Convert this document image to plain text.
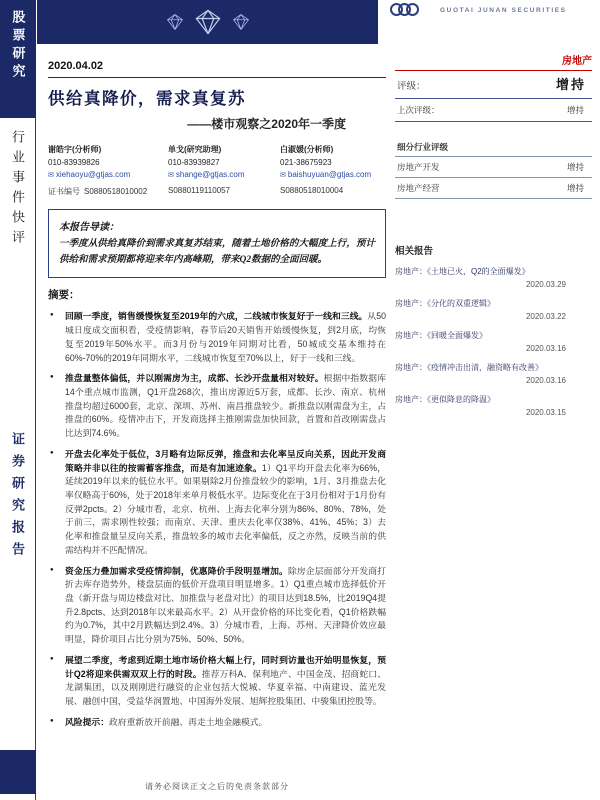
股票研究
行业事件快评
证券研究报告
GUOTAI JUNAN SECURITIES
房地产
评级：	增持
上次评级：	增持
细分行业评级
房地产开发	增持
房地产经营	增持
相关报告
房地产：《土地已火，Q2的全面爆发》
2020.03.29
房地产：《分化的双重逻辑》
2020.03.22
房地产：《回暖全面爆发》
2020.03.16
房地产：《疫情冲击出清，融资略有改善》
2020.03.16
房地产：《更似降息的降温》
2020.03.15
2020.04.02
供给真降价，需求真复苏
——楼市观察之2020年一季度
谢皓宇(分析师)	单戈(研究助理)	白淑媛(分析师)
010-83939826	010-83939827	021-38675923
✉ xiehaoyu@gtjas.com	✉ shange@gtjas.com	✉ baishuyuan@gtjas.com
证书编号 S0880518010002	S0880119110057	S0880518010004
本报告导读：
一季度从供给真降价到需求真复苏结束，随着土地价格的大幅度上行，预计供给和需求预期都将迎来年内高峰期，带来Q2数据的全面回暖。
摘要：
● 回顾一季度，销售缓慢恢复至2019年的六成，二线城市恢复好于一线和三线。从50城日度成交面积看，受疫情影响，春节后20天销售开始缓慢恢复，到2月底，均恢复至2019年50%水平。而3月份与2019年同期对比看，50城成交基本维持在60%-70%的2019年同期水平，二线城市恢复至70%以上，好于一线和三线。
● 推盘量整体偏低，并以刚需房为主，成都、长沙开盘量相对较好。根据中指数据库14个重点城市监测，Q1开盘268次，推出房源近5万套，成都、长沙、南京、杭州推盘均超过6000套，北京、深圳、苏州、南昌推盘较少。新推盘以刚需盘为主，占推盘的60%。疫情冲击下，开发商选择主推刚需盘加快回款，首置和首改刚需盘占比达到74.6%。
● 开盘去化率处于低位，3月略有边际反弹，推盘和去化率呈反向关系，因此开发商策略并非以往的按需蓄客推盘，而是有加速迹象。1）Q1平均开盘去化率为66%，延续2019年以来的低位水平。如果剔除2月份推盘较少的影响，1月、3月推盘去化率仅略高于60%，处于2018年来单月极低水平。边际变化在于3月份相对于1月份有反弹2pcts。2）分城市看，北京、杭州、上海去化率分别为86%、80%、78%，处于前三，需求刚性较强；而南京、天津、重庆去化率仅38%、41%、45%；3）去化率和推盘量呈反向关系，推盘较多的城市去化率偏低，反之亦然，反映当前的供需结构并不匹配情况。
● 资金压力叠加需求受疫情抑制，优惠降价手段明显增加。除房企层面部分开发商打折去库存造势外，楼盘层面的低价开盘项目明显增多。1）Q1重点城市选择低价开盘（新开盘与周边楼盘对比、加推盘与老盘对比）的项目达到18.5%，比2019Q4提升2.8pcts、达到2018年以来最高水平。2）从开盘价格的环比变化看，Q1价格跌幅约为0.7%，其中2月跌幅达到2.4%。3）分城市看，上海、苏州、天津降价效应最明显，降价项目占比分别为75%、50%、50%。
● 展望二季度，考虑到近期土地市场价格大幅上行，同时到访量也开始明显恢复，预计Q2将迎来供需双双上行的时段。推荐万科A、保利地产、中国金茂、招商蛇口、龙湖集团，以及刚刚进行融资的企业包括大悦城、华夏幸福、中南建设、蓝光发展、融创中国，受益华润置地、中国海外发展、旭辉控股集团、中骏集团控股等。
● 风险提示：政府重新放开前融、再走土地金融模式。
请务必阅读正文之后的免责条款部分
